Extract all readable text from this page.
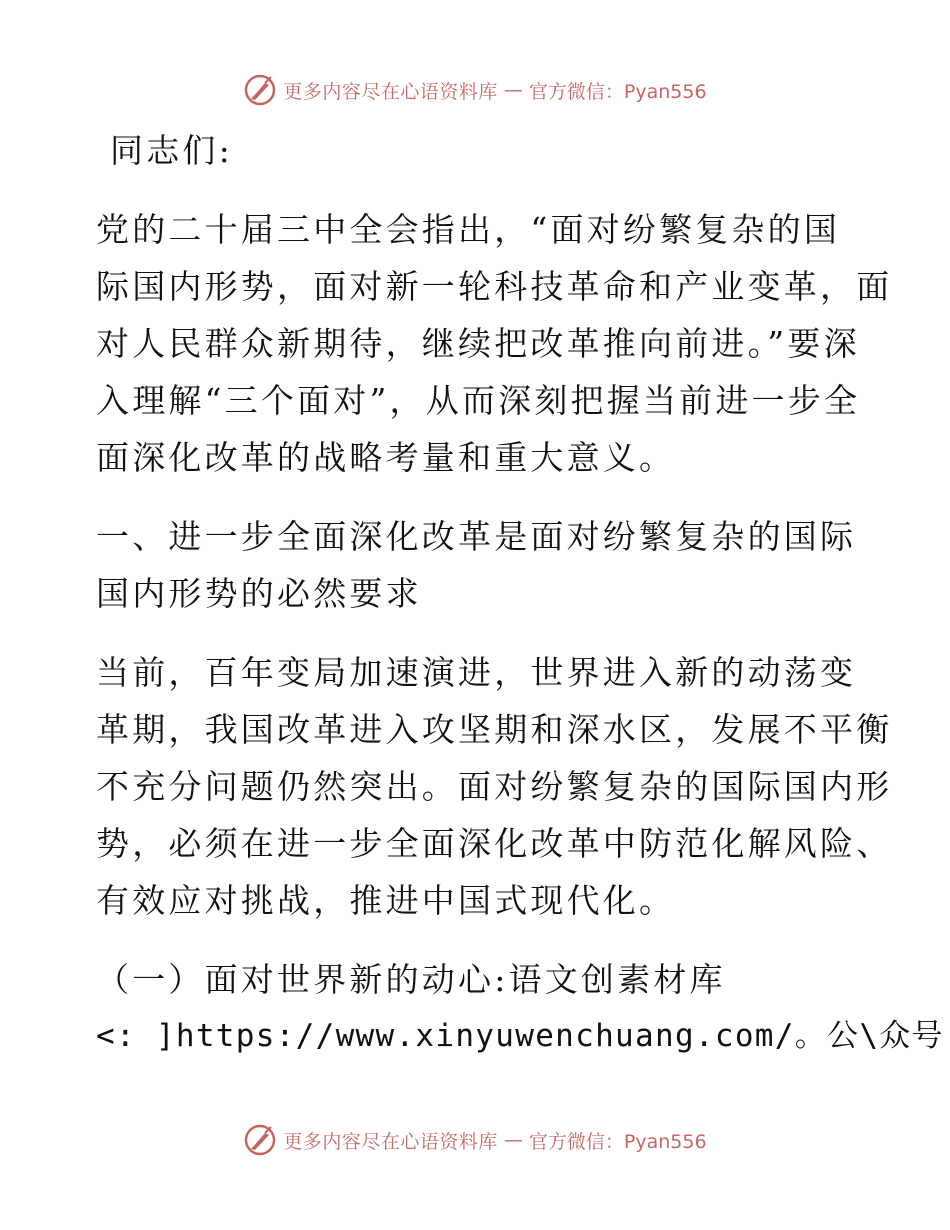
更多内容尽在心语资料库 — 官方微信：Pyan556
同志们:
党的二十届三中全会指出，“面对纷繁复杂的国
际国内形势，面对新一轮科技革命和产业变革，面
对人民群众新期待，继续把改革推向前进。”要深
入理解“三个面对”，从而深刻把握当前进一步全
面深化改革的战略考量和重大意义。
一、进一步全面深化改革是面对纷繁复杂的国际
国内形势的必然要求
当前，百年变局加速演进，世界进入新的动荡变
革期，我国改革进入攻坚期和深水区，发展不平衡
不充分问题仍然突出。面对纷繁复杂的国际国内形
势，必须在进一步全面深化改革中防范化解风险、
有效应对挑战，推进中国式现代化。
（一）面对世界新的动心:语文创素材库
<: ]https://www.xinyuwenchuang.com/。公\众号
更多内容尽在心语资料库 — 官方微信：Pyan556
